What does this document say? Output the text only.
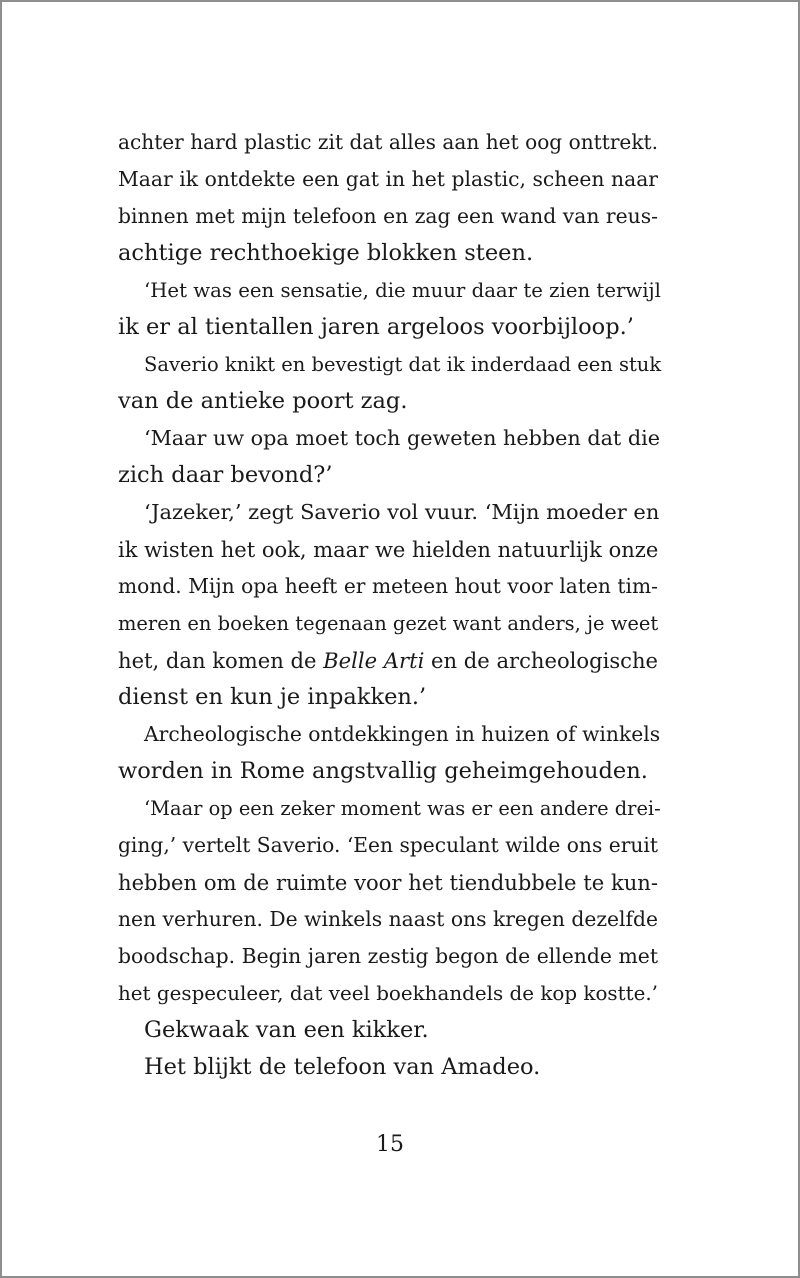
achter hard plastic zit dat alles aan het oog onttrekt.
Maar ik ontdekte een gat in het plastic, scheen naar
binnen met mijn telefoon en zag een wand van reus-
achtige rechthoekige blokken steen.
‘Het was een sensatie, die muur daar te zien terwijl
ik er al tientallen jaren argeloos voorbijloop.’
Saverio knikt en bevestigt dat ik inderdaad een stuk
van de antieke poort zag.
‘Maar uw opa moet toch geweten hebben dat die
zich daar bevond?’
‘Jazeker,’ zegt Saverio vol vuur. ‘Mijn moeder en
ik wisten het ook, maar we hielden natuurlijk onze
mond. Mijn opa heeft er meteen hout voor laten tim-
meren en boeken tegenaan gezet want anders, je weet
het, dan komen de Belle Arti en de archeologische
dienst en kun je inpakken.’
Archeologische ontdekkingen in huizen of winkels
worden in Rome angstvallig geheimgehouden.
‘Maar op een zeker moment was er een andere drei-
ging,’ vertelt Saverio. ‘Een speculant wilde ons eruit
hebben om de ruimte voor het tiendubbele te kun-
nen verhuren. De winkels naast ons kregen dezelfde
boodschap. Begin jaren zestig begon de ellende met
het gespeculeer, dat veel boekhandels de kop kostte.’
Gekwaak van een kikker.
Het blijkt de telefoon van Amadeo.
15
